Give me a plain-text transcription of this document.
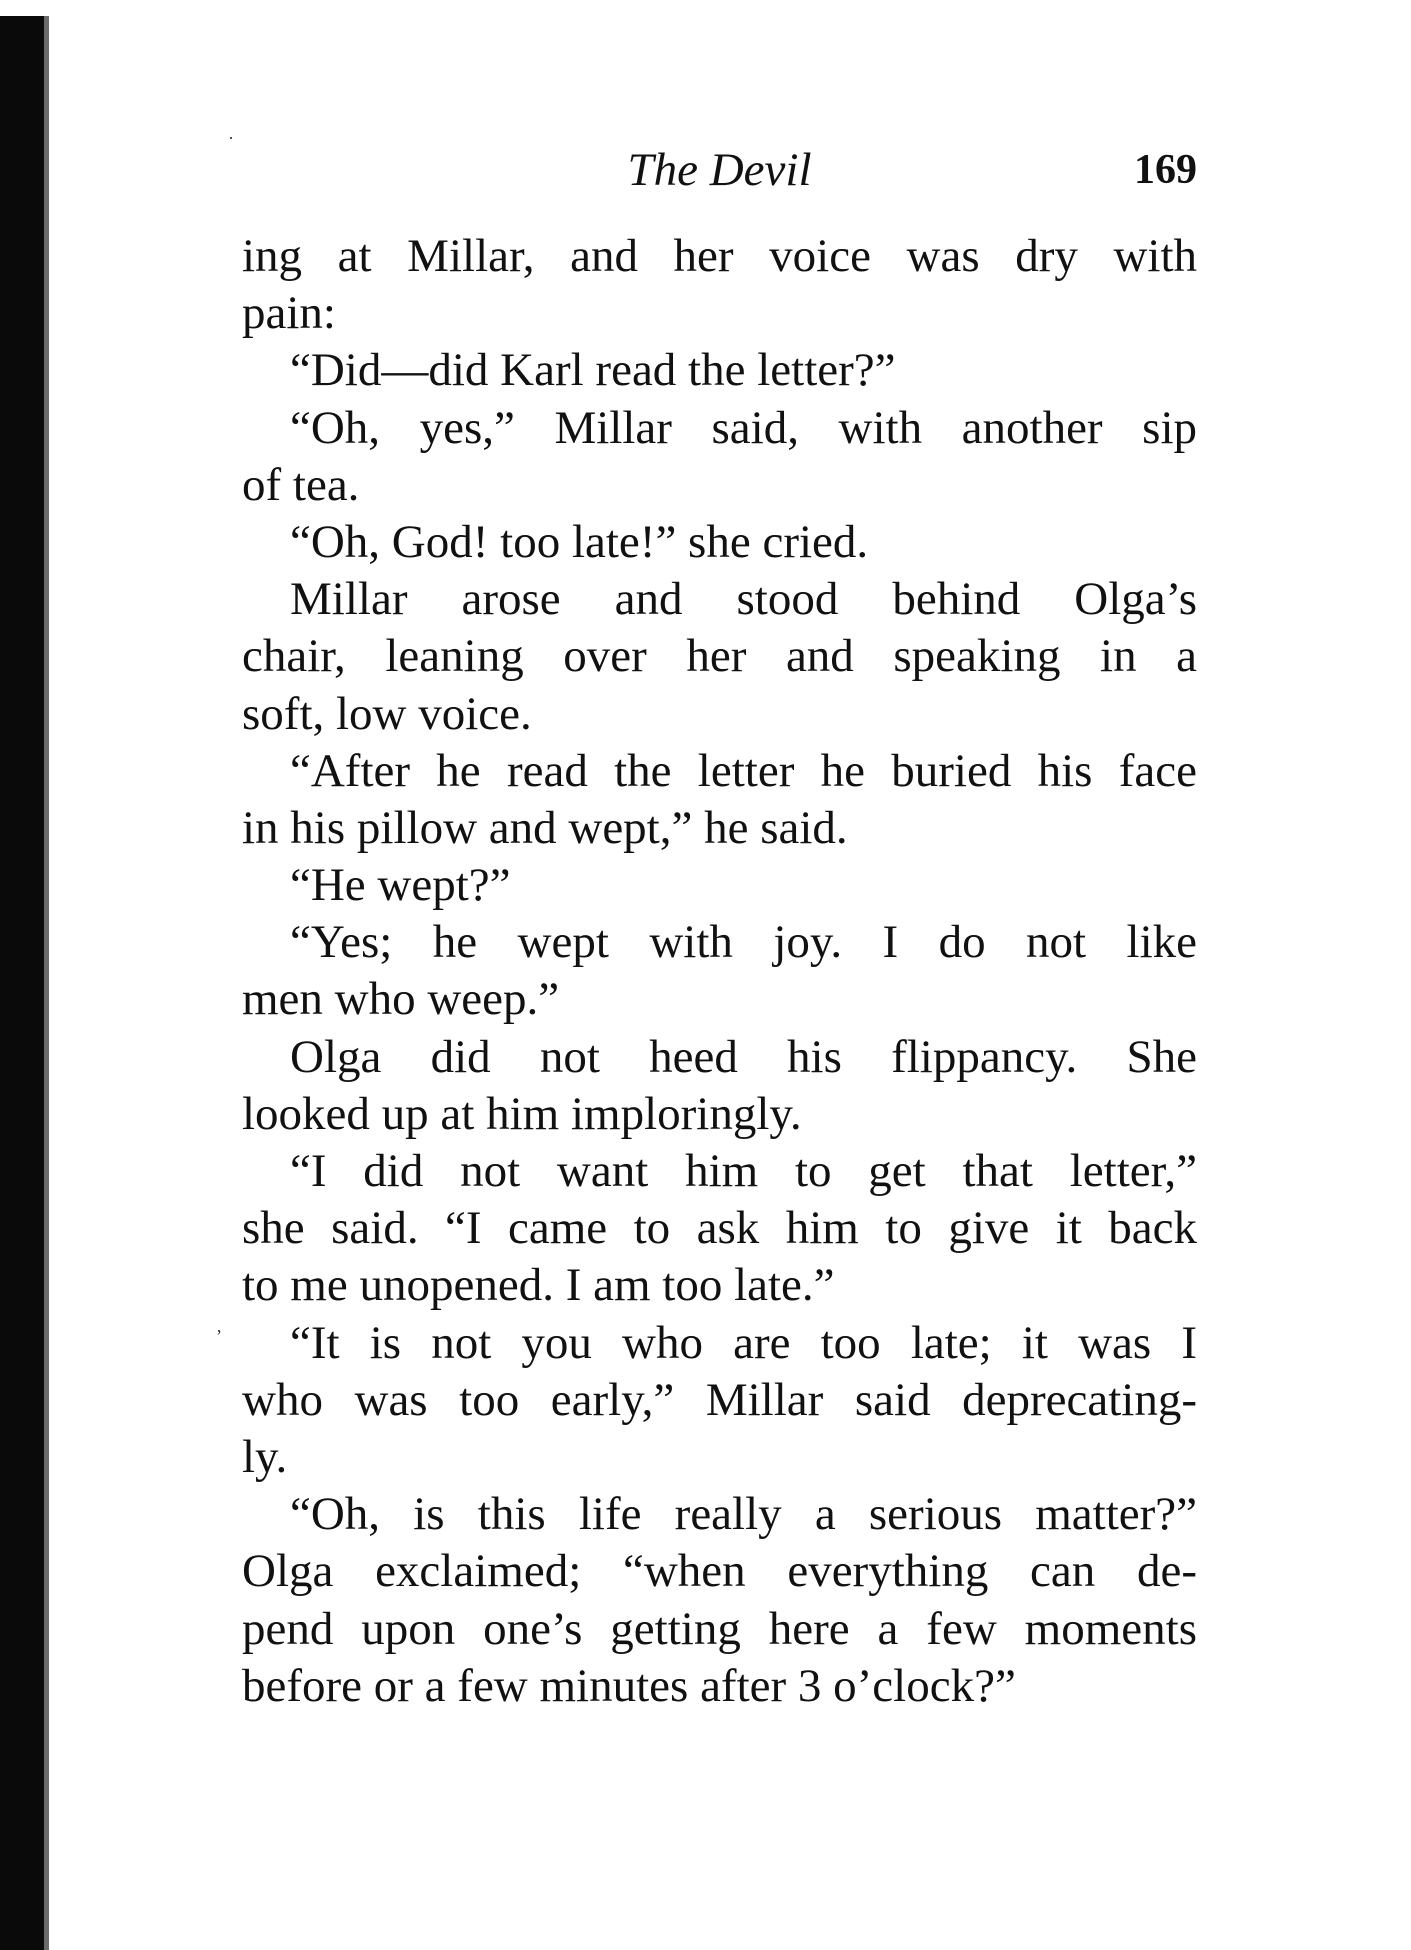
·
’
The Devil	169
ing at Millar, and her voice was dry with
pain:
“Did—did Karl read the letter?”
“Oh, yes,” Millar said, with another sip
of tea.
“Oh, God! too late!” she cried.
Millar arose and stood behind Olga’s
chair, leaning over her and speaking in a
soft, low voice.
“After he read the letter he buried his face
in his pillow and wept,” he said.
“He wept?”
“Yes; he wept with joy. I do not like
men who weep.”
Olga did not heed his flippancy. She
looked up at him imploringly.
“I did not want him to get that letter,”
she said. “I came to ask him to give it back
to me unopened. I am too late.”
“It is not you who are too late; it was I
who was too early,” Millar said deprecating-
ly.
“Oh, is this life really a serious matter?”
Olga exclaimed; “when everything can de-
pend upon one’s getting here a few moments
before or a few minutes after 3 o’clock?”
